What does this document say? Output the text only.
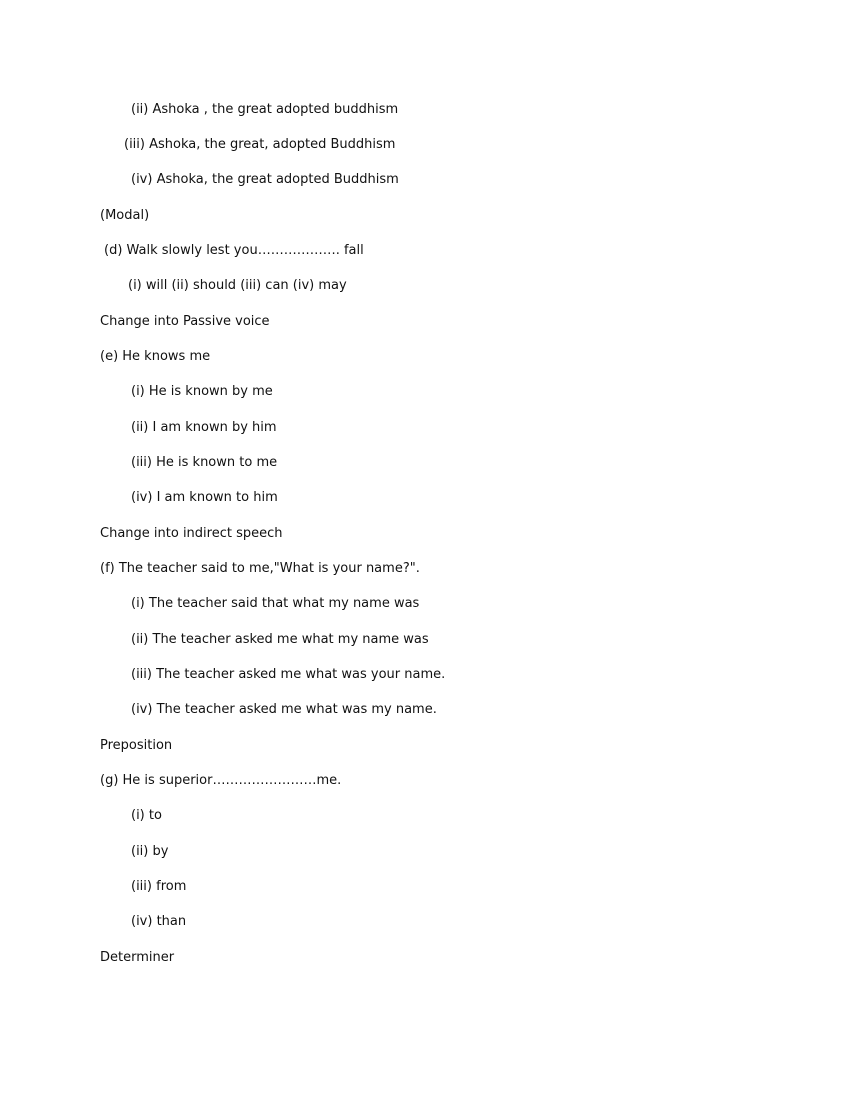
(ii) Ashoka , the great adopted buddhism
(iii) Ashoka, the great, adopted Buddhism
(iv) Ashoka, the great adopted Buddhism
(Modal)
(d) Walk slowly lest you………………. fall
(i) will (ii) should (iii) can (iv) may
Change into Passive voice
(e) He knows me
(i) He is known by me
(ii) I am known by him
(iii) He is known to me
(iv) I am known to him
Change into indirect speech
(f) The teacher said to me,"What is your name?".
(i) The teacher said that what my name was
(ii) The teacher asked me what my name was
(iii) The teacher asked me what was your name.
(iv) The teacher asked me what was my name.
Preposition
(g) He is superior……………………me.
(i) to
(ii) by
(iii) from
(iv) than
Determiner
